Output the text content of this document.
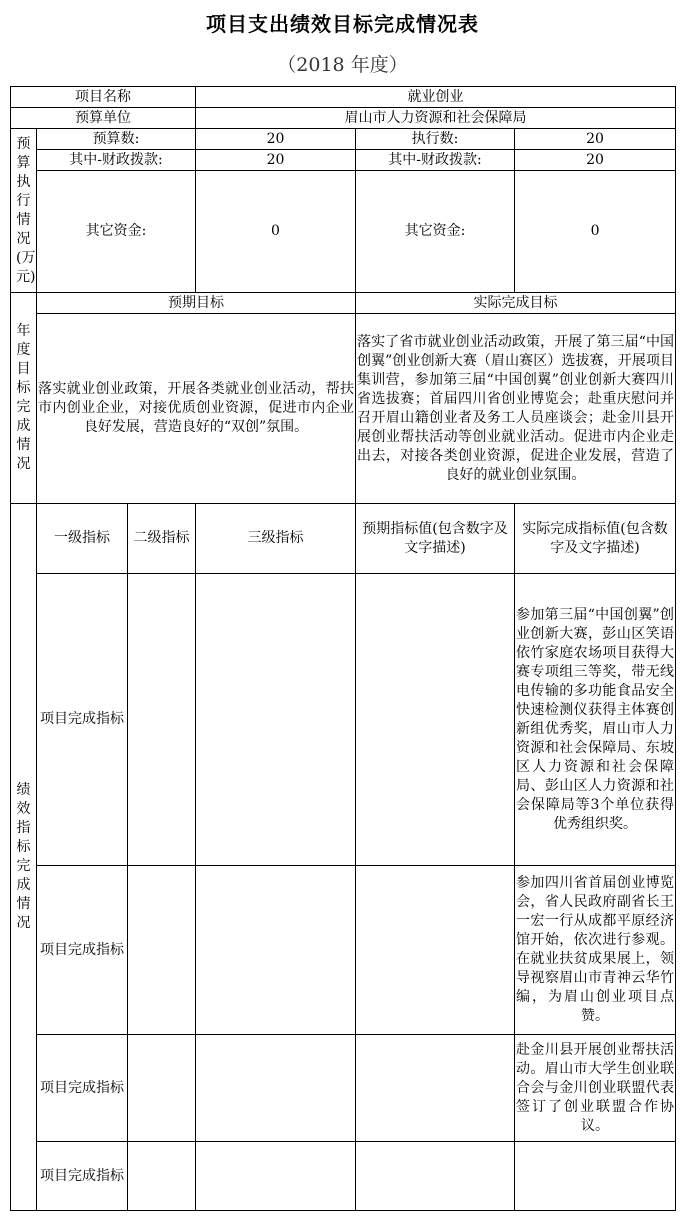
项目支出绩效目标完成情况表
（2018 年度）
项目名称			就业创业		
预算单位			眉山市人力资源和社会保障局		

预算执行情况(万元)	预算数:		20	执行数:	20
	其中-财政拨款:		20	其中-财政拨款:	20
	其它资金:		0	其它资金:	0

年度目标完成情况	预期目标			实际完成目标	
	落实就业创业政策，开展各类就业创业活动，帮扶市内创业企业，对接优质创业资源，促进市内企业良好发展，营造良好的“双创”氛围。			落实了省市就业创业活动政策，开展了第三届“中国创翼”创业创新大赛（眉山赛区）选拔赛，开展项目集训营，参加第三届“中国创翼”创业创新大赛四川省选拔赛；首届四川省创业博览会；赴重庆慰问并召开眉山籍创业者及务工人员座谈会；赴金川县开展创业帮扶活动等创业就业活动。促进市内企业走出去，对接各类创业资源，促进企业发展，营造了良好的就业创业氛围。	

绩效指标完成情况	一级指标	二级指标	三级指标	预期指标值(包含数字及文字描述)	实际完成指标值(包含数字及文字描述)
	项目完成指标				参加第三届“中国创翼”创业创新大赛，彭山区笑语依竹家庭农场项目获得大赛专项组三等奖，带无线电传输的多功能食品安全快速检测仪获得主体赛创新组优秀奖，眉山市人力资源和社会保障局、东坡区人力资源和社会保障局、彭山区人力资源和社会保障局等3个单位获得优秀组织奖。
	项目完成指标				参加四川省首届创业博览会，省人民政府副省长王一宏一行从成都平原经济馆开始，依次进行参观。在就业扶贫成果展上，领导视察眉山市青神云华竹编，为眉山创业项目点赞。
	项目完成指标				赴金川县开展创业帮扶活动。眉山市大学生创业联合会与金川创业联盟代表签订了创业联盟合作协议。
	项目完成指标				
